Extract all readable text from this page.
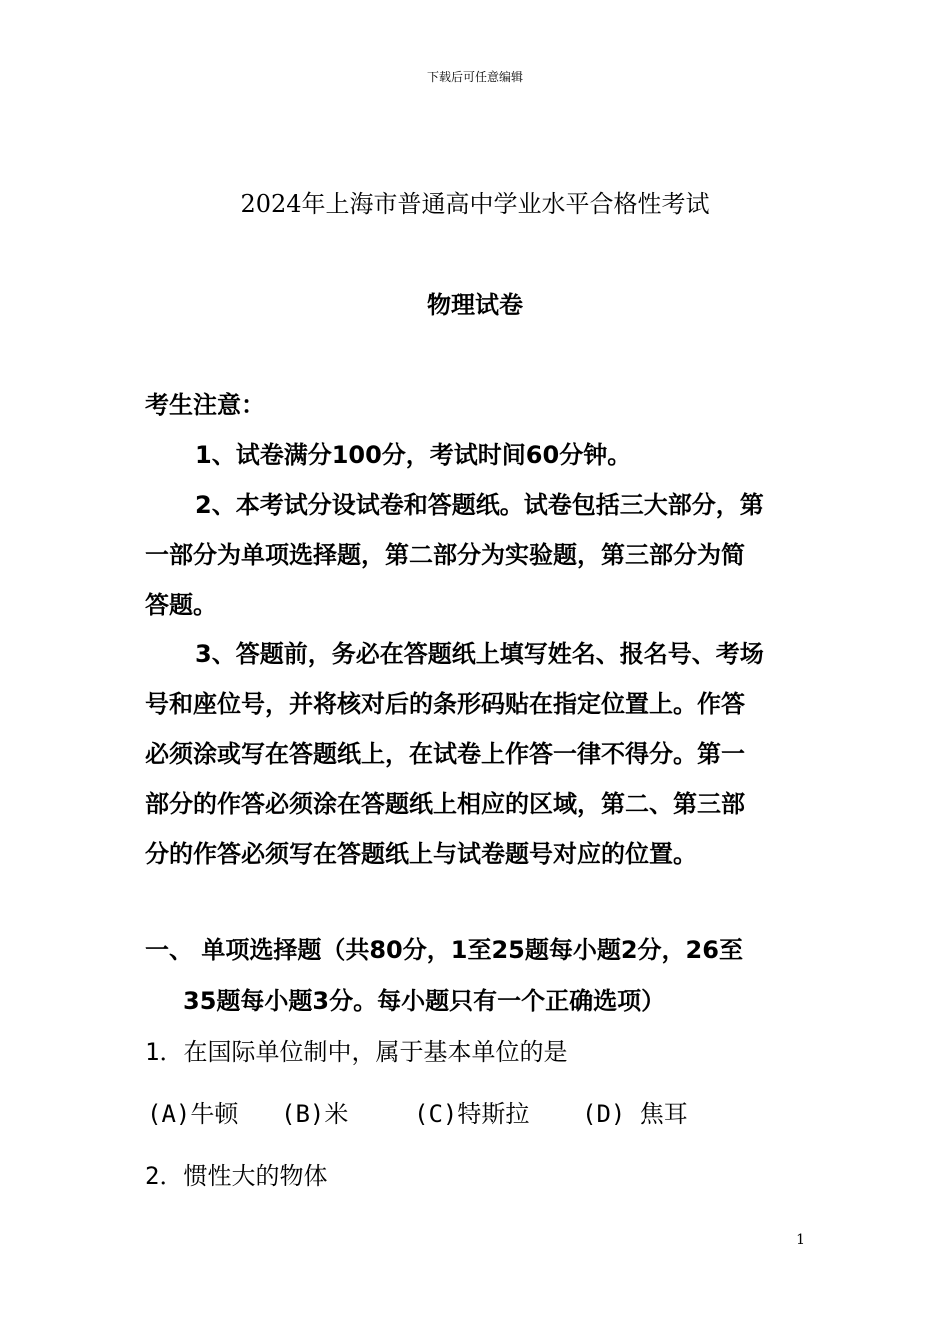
下载后可任意编辑
2024年上海市普通高中学业水平合格性考试
物理试卷
考生注意：
1、试卷满分100分，考试时间60分钟。
2、本考试分设试卷和答题纸。试卷包括三大部分，第
一部分为单项选择题，第二部分为实验题，第三部分为简
答题。
3、答题前，务必在答题纸上填写姓名、报名号、考场
号和座位号，并将核对后的条形码贴在指定位置上。作答
必须涂或写在答题纸上，在试卷上作答一律不得分。第一
部分的作答必须涂在答题纸上相应的区域，第二、第三部
分的作答必须写在答题纸上与试卷题号对应的位置。
一、 单项选择题（共80分，1至25题每小题2分，26至
35题每小题3分。每小题只有一个正确选项）
1．在国际单位制中，属于基本单位的是
(A)牛顿 (B)米	(C)特斯拉 (D) 焦耳
2．惯性大的物体
1
